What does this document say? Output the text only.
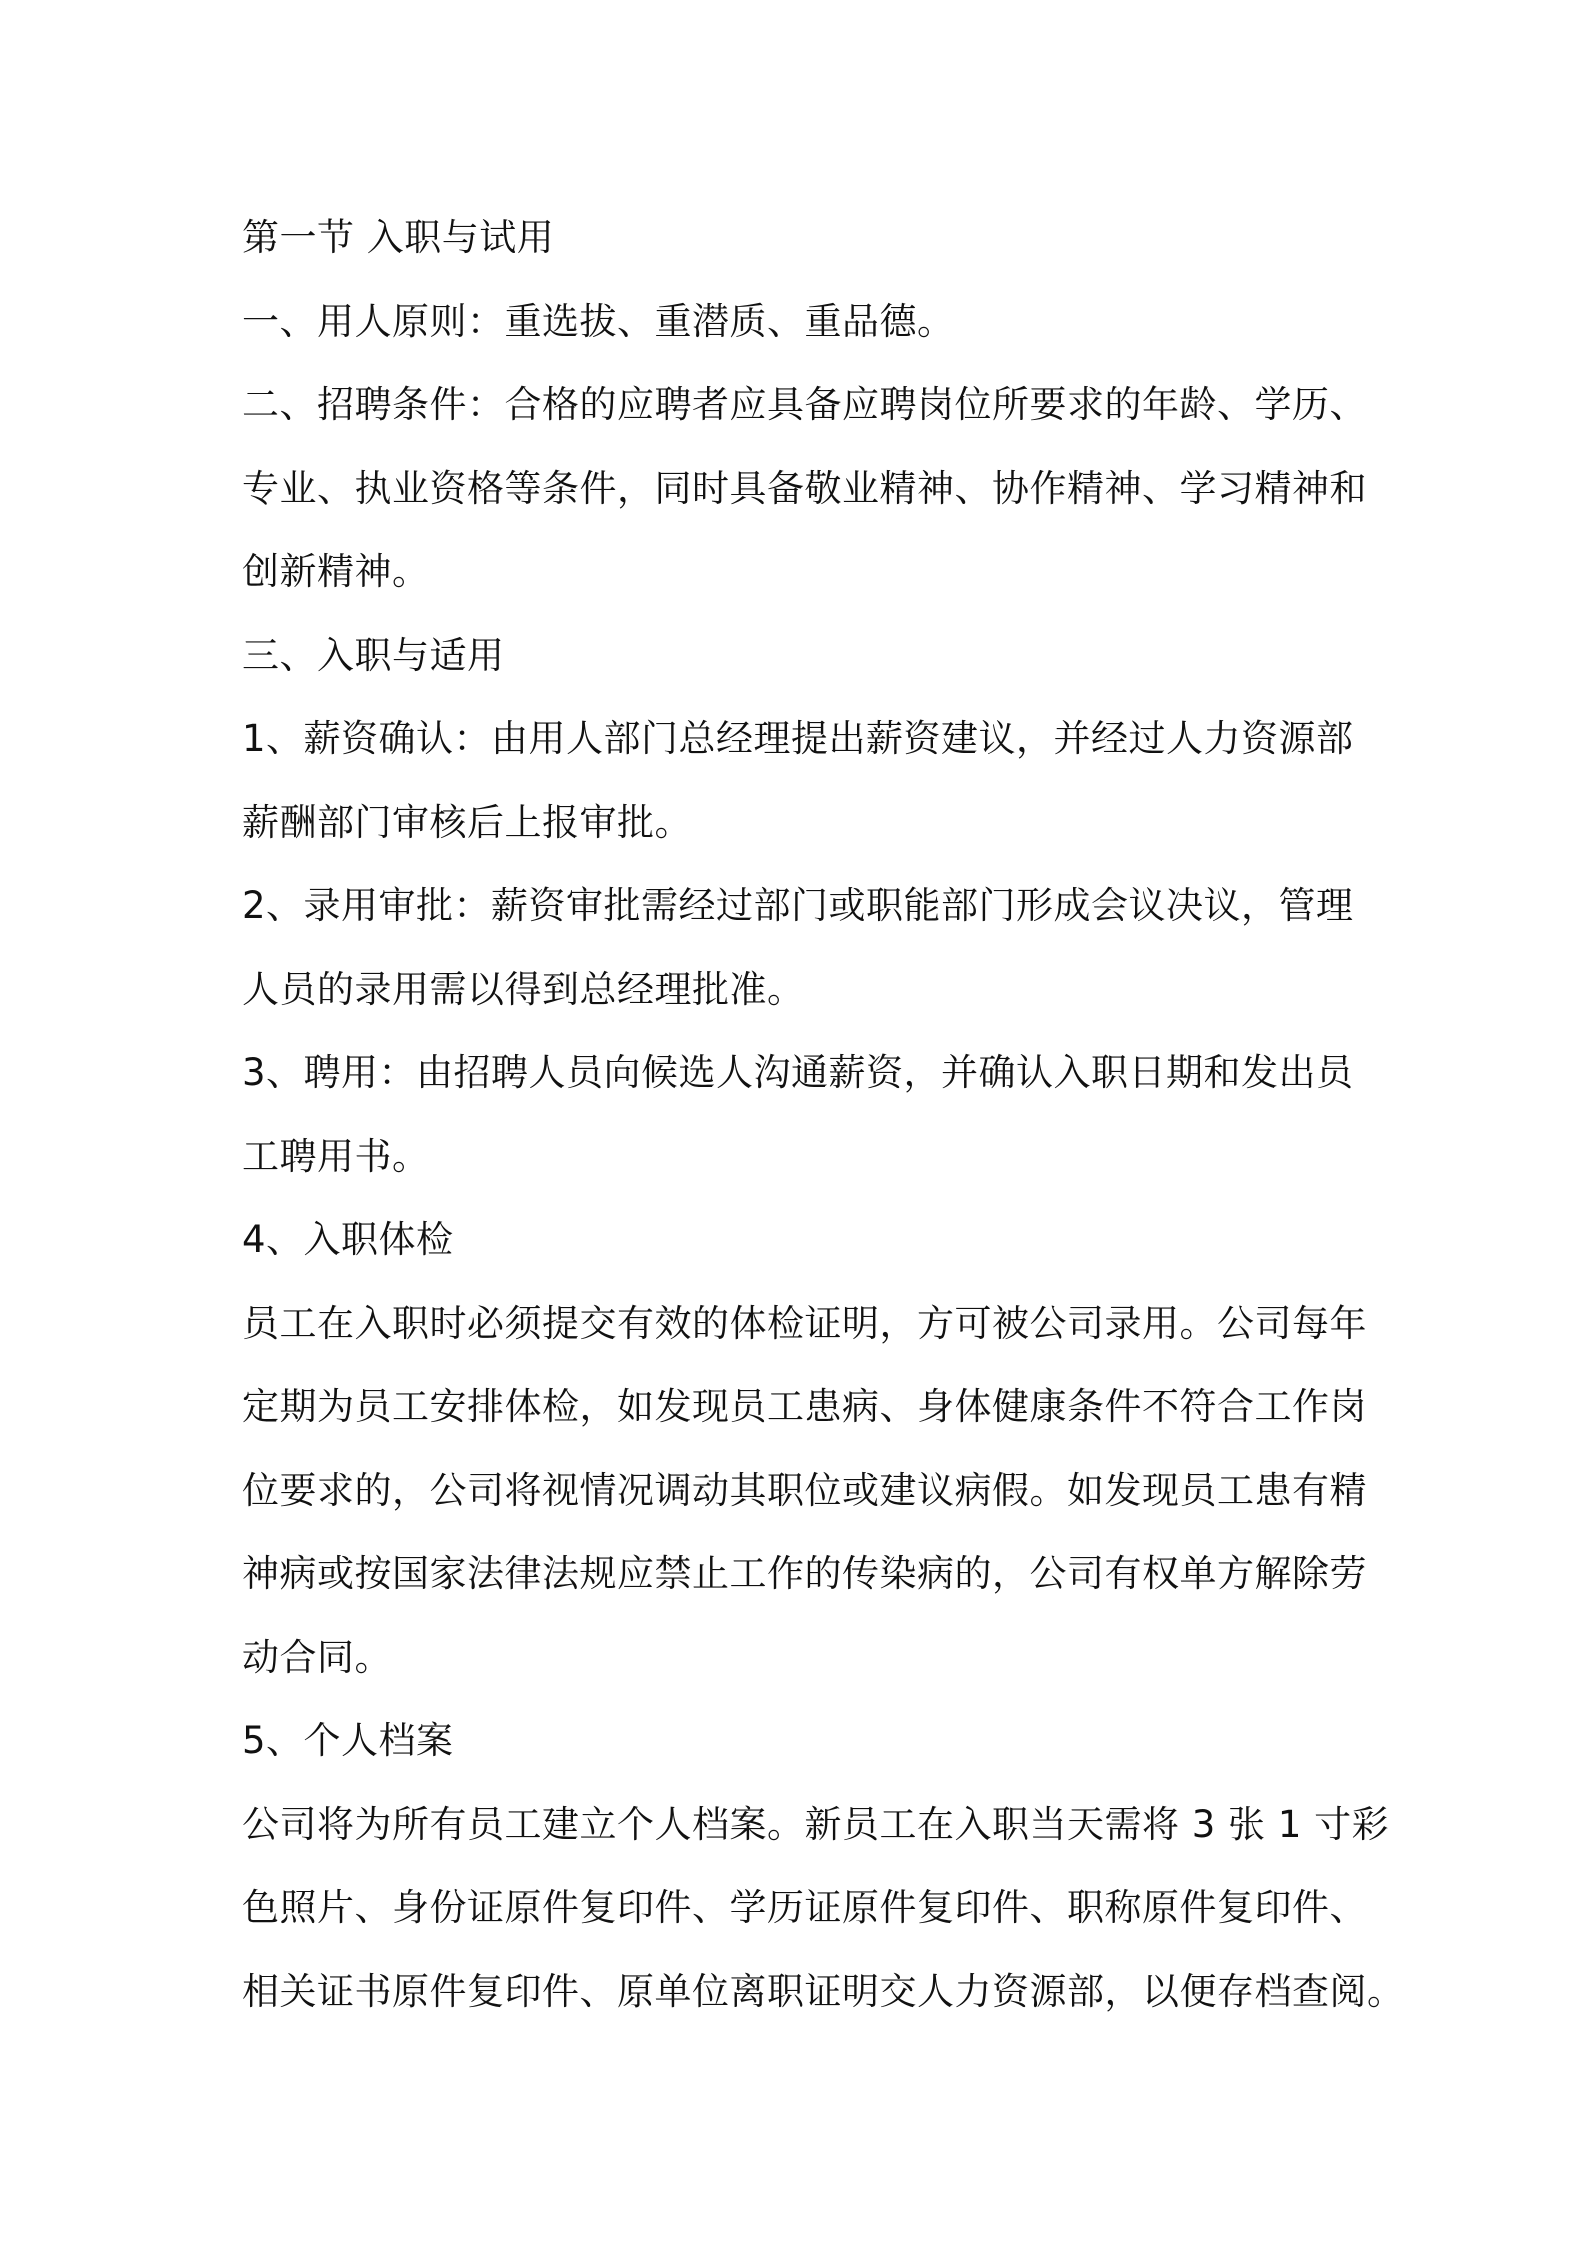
第一节 入职与试用
一、用人原则：重选拔、重潜质、重品德。
二、招聘条件：合格的应聘者应具备应聘岗位所要求的年龄、学历、
专业、执业资格等条件，同时具备敬业精神、协作精神、学习精神和
创新精神。
三、入职与适用
1、薪资确认：由用人部门总经理提出薪资建议，并经过人力资源部
薪酬部门审核后上报审批。
2、录用审批：薪资审批需经过部门或职能部门形成会议决议，管理
人员的录用需以得到总经理批准。
3、聘用：由招聘人员向候选人沟通薪资，并确认入职日期和发出员
工聘用书。
4、入职体检
员工在入职时必须提交有效的体检证明，方可被公司录用。公司每年
定期为员工安排体检，如发现员工患病、身体健康条件不符合工作岗
位要求的，公司将视情况调动其职位或建议病假。如发现员工患有精
神病或按国家法律法规应禁止工作的传染病的，公司有权单方解除劳
动合同。
5、个人档案
公司将为所有员工建立个人档案。新员工在入职当天需将 3 张 1 寸彩
色照片、身份证原件复印件、学历证原件复印件、职称原件复印件、
相关证书原件复印件、原单位离职证明交人力资源部，以便存档查阅。
